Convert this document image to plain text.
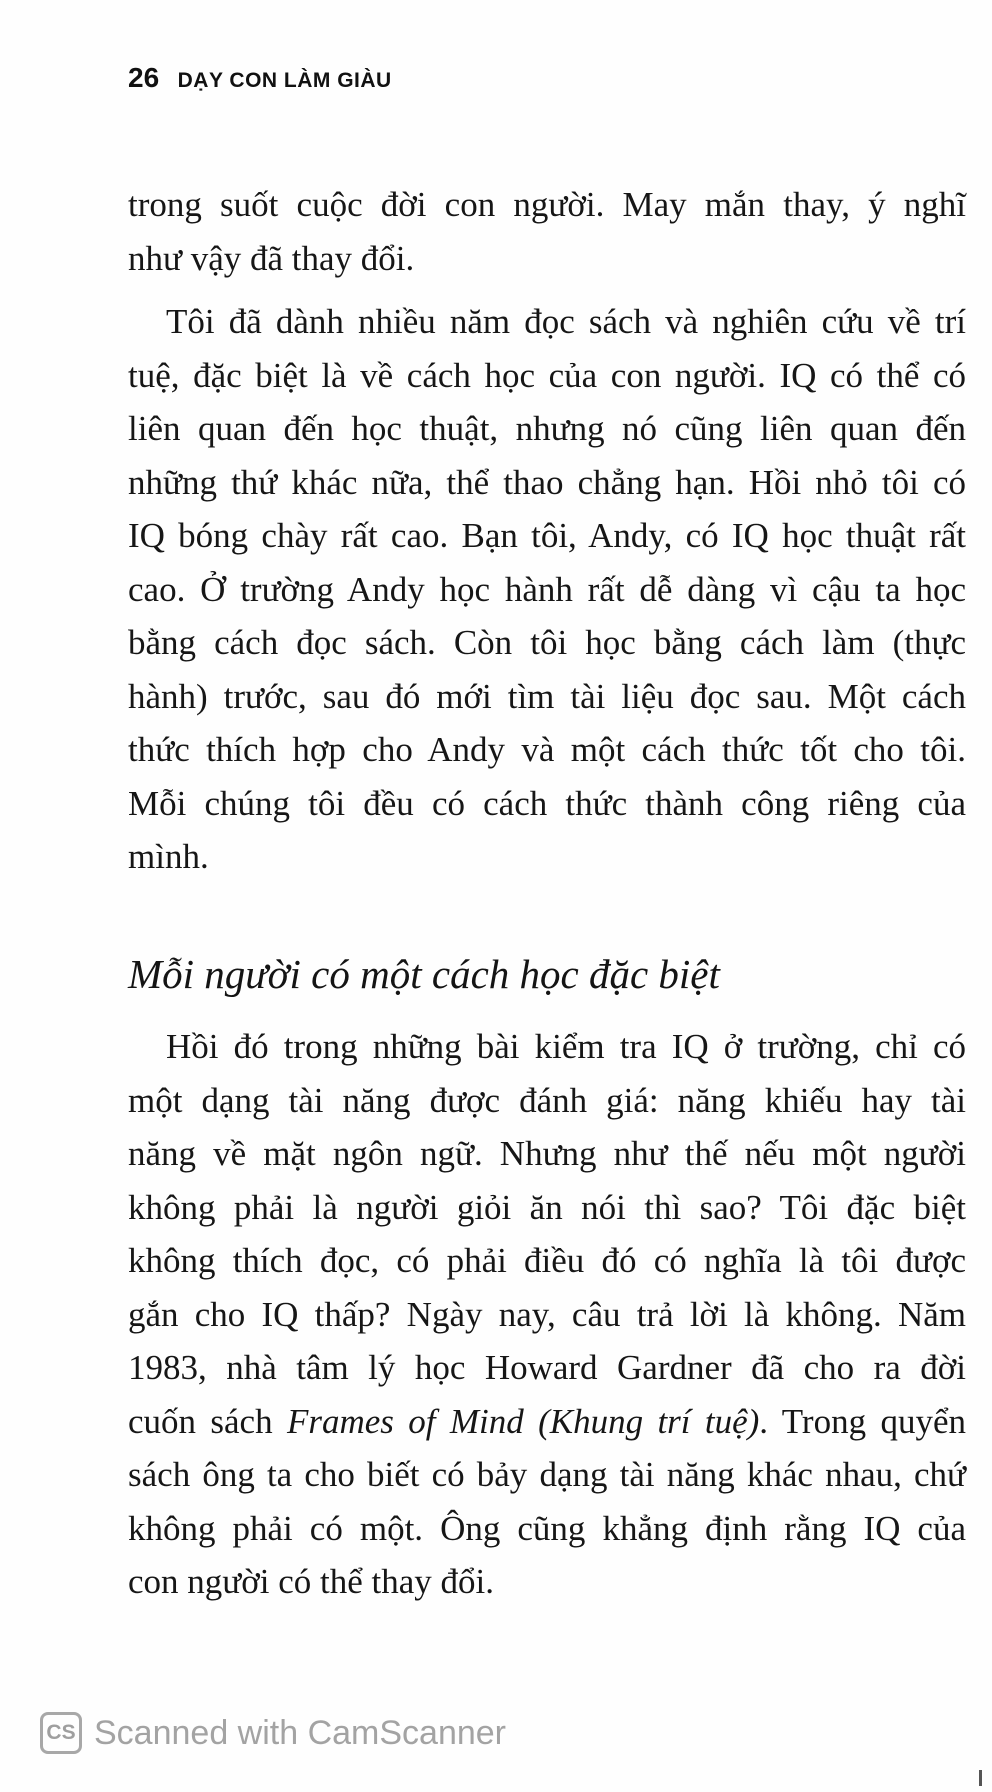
26 DẠY CON LÀM GIÀU
trong suốt cuộc đời con người. May mắn thay, ý nghĩ
như vậy đã thay đổi.
Tôi đã dành nhiều năm đọc sách và nghiên cứu về trí
tuệ, đặc biệt là về cách học của con người. IQ có thể có
liên quan đến học thuật, nhưng nó cũng liên quan đến
những thứ khác nữa, thể thao chẳng hạn. Hồi nhỏ tôi có
IQ bóng chày rất cao. Bạn tôi, Andy, có IQ học thuật rất
cao. Ở trường Andy học hành rất dễ dàng vì cậu ta học
bằng cách đọc sách. Còn tôi học bằng cách làm (thực
hành) trước, sau đó mới tìm tài liệu đọc sau. Một cách
thức thích hợp cho Andy và một cách thức tốt cho tôi.
Mỗi chúng tôi đều có cách thức thành công riêng của
mình.
Mỗi người có một cách học đặc biệt
Hồi đó trong những bài kiểm tra IQ ở trường, chỉ có
một dạng tài năng được đánh giá: năng khiếu hay tài
năng về mặt ngôn ngữ. Nhưng như thế nếu một người
không phải là người giỏi ăn nói thì sao? Tôi đặc biệt
không thích đọc, có phải điều đó có nghĩa là tôi được
gắn cho IQ thấp? Ngày nay, câu trả lời là không. Năm
1983, nhà tâm lý học Howard Gardner đã cho ra đời
cuốn sách Frames of Mind (Khung trí tuệ). Trong quyển
sách ông ta cho biết có bảy dạng tài năng khác nhau, chứ
không phải có một. Ông cũng khẳng định rằng IQ của
con người có thể thay đổi.
CS Scanned with CamScanner
